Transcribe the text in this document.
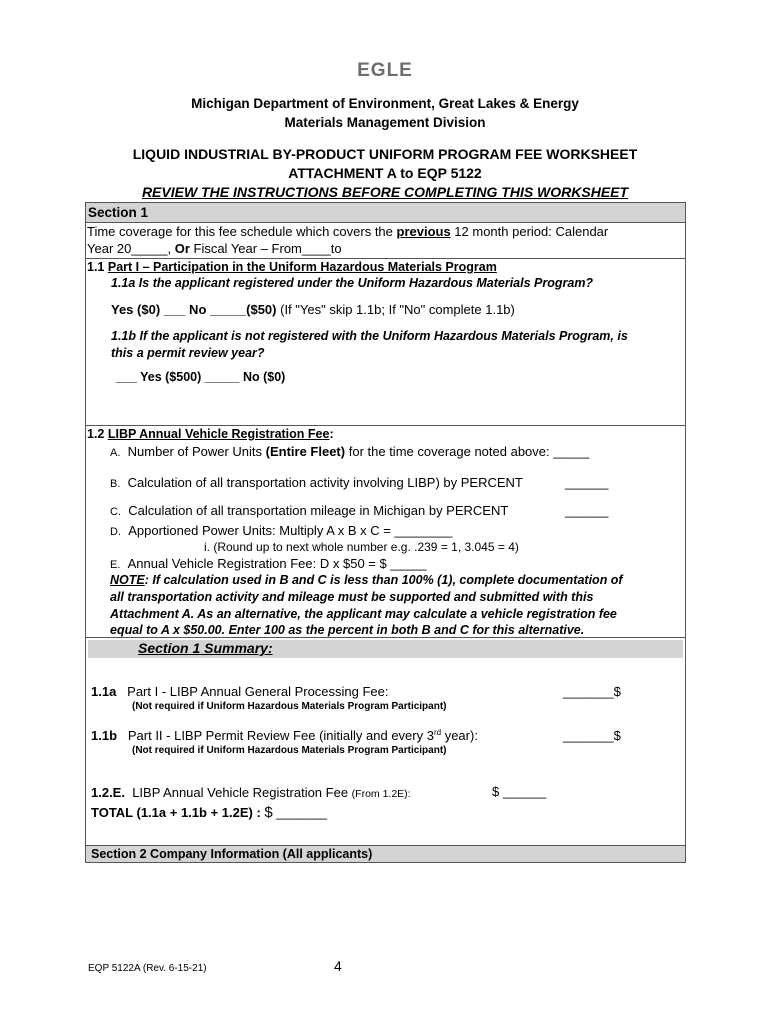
EGLE
Michigan Department of Environment, Great Lakes & Energy
Materials Management Division
LIQUID INDUSTRIAL BY-PRODUCT UNIFORM PROGRAM FEE WORKSHEET
ATTACHMENT A to EQP 5122
REVIEW THE INSTRUCTIONS BEFORE COMPLETING THIS WORKSHEET
Section 1
Time coverage for this fee schedule which covers the previous 12 month period: Calendar
Year 20_____, Or Fiscal Year – From____to
1.1 Part I – Participation in the Uniform Hazardous Materials Program
1.1a Is the applicant registered under the Uniform Hazardous Materials Program?
Yes ($0) ___ No _____($50) (If "Yes" skip 1.1b; If "No" complete 1.1b)
1.1b If the applicant is not registered with the Uniform Hazardous Materials Program, is
this a permit review year?
___ Yes ($500) _____ No ($0)
1.2 LIBP Annual Vehicle Registration Fee:
A. Number of Power Units (Entire Fleet) for the time coverage noted above: _____
B. Calculation of all transportation activity involving LIBP) by PERCENT	______
C. Calculation of all transportation mileage in Michigan by PERCENT	______
D. Apportioned Power Units: Multiply A x B x C = ________
i. (Round up to next whole number e.g. .239 = 1, 3.045 = 4)
E. Annual Vehicle Registration Fee: D x $50 = $ _____
NOTE: If calculation used in B and C is less than 100% (1), complete documentation of
all transportation activity and mileage must be supported and submitted with this
Attachment A. As an alternative, the applicant may calculate a vehicle registration fee
equal to A x $50.00. Enter 100 as the percent in both B and C for this alternative.
Section 1 Summary:
1.1a Part I - LIBP Annual General Processing Fee:	_______$
(Not required if Uniform Hazardous Materials Program Participant)
1.1b Part II - LIBP Permit Review Fee (initially and every 3rd year):	_______$
(Not required if Uniform Hazardous Materials Program Participant)
1.2.E. LIBP Annual Vehicle Registration Fee (From 1.2E):	$ ______
TOTAL (1.1a + 1.1b + 1.2E) : $ _______
Section 2 Company Information (All applicants)
EQP 5122A (Rev. 6-15-21)	4
